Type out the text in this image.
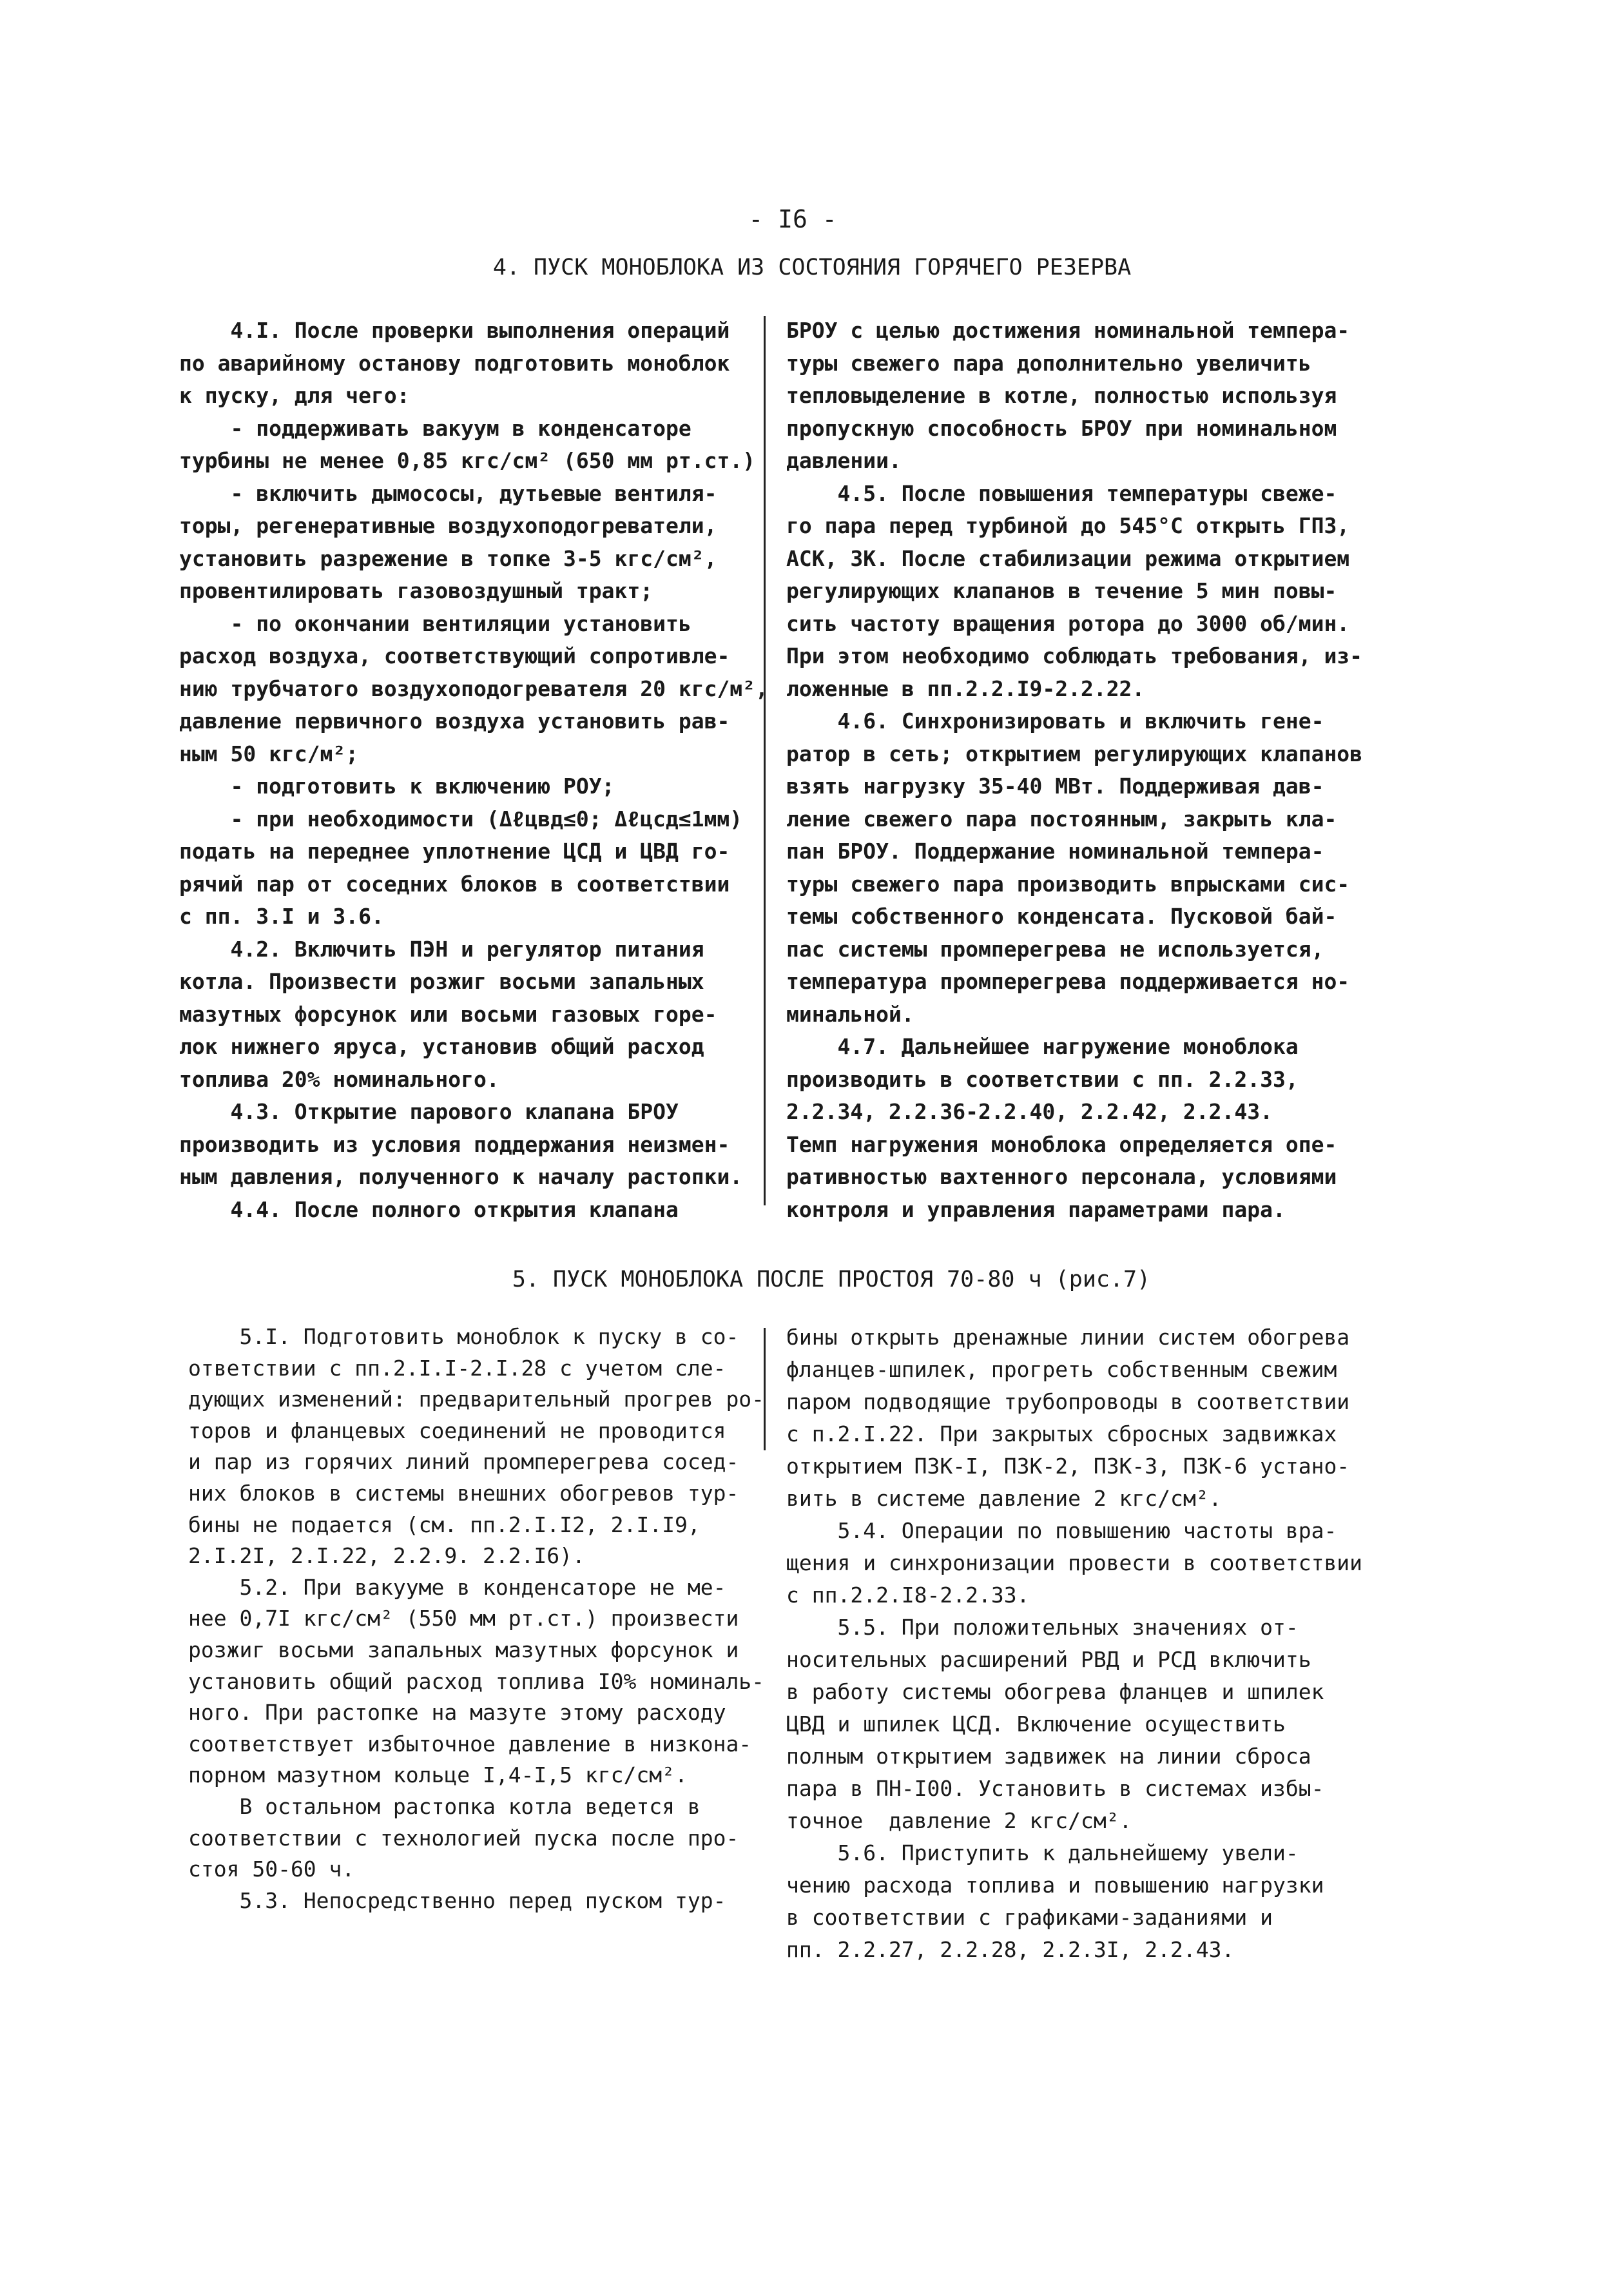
- I6 -
4. ПУСК МОНОБЛОКА ИЗ СОСТОЯНИЯ ГОРЯЧЕГО РЕЗЕРВА
4.I. После проверки выполнения операций
по аварийному останову подготовить моноблок
к пуску, для чего:
- поддерживать вакуум в конденсаторе
турбины не менее 0,85 кгс/см² (650 мм рт.ст.)
- включить дымососы, дутьевые вентиля-
торы, регенеративные воздухоподогреватели,
установить разрежение в топке 3-5 кгс/см²,
провентилировать газовоздушный тракт;
- по окончании вентиляции установить
расход воздуха, соответствующий сопротивле-
нию трубчатого воздухоподогревателя 20 кгс/м²,
давление первичного воздуха установить рав-
ным 50 кгс/м²;
- подготовить к включению РОУ;
- при необходимости (Δℓцвд≤0; Δℓцсд≤1мм)
подать на переднее уплотнение ЦСД и ЦВД го-
рячий пар от соседних блоков в соответствии
с пп. 3.I и 3.6.
4.2. Включить ПЭН и регулятор питания
котла. Произвести розжиг восьми запальных
мазутных форсунок или восьми газовых горе-
лок нижнего яруса, установив общий расход
топлива 20% номинального.
4.3. Открытие парового клапана БРОУ
производить из условия поддержания неизмен-
ным давления, полученного к началу растопки.
4.4. После полного открытия клапана
БРОУ с целью достижения номинальной темпера-
туры свежего пара дополнительно увеличить
тепловыделение в котле, полностью используя
пропускную способность БРОУ при номинальном
давлении.
4.5. После повышения температуры свеже-
го пара перед турбиной до 545°С открыть ГПЗ,
АСК, ЗК. После стабилизации режима открытием
регулирующих клапанов в течение 5 мин повы-
сить частоту вращения ротора до 3000 об/мин.
При этом необходимо соблюдать требования, из-
ложенные в пп.2.2.I9-2.2.22.
4.6. Синхронизировать и включить гене-
ратор в сеть; открытием регулирующих клапанов
взять нагрузку 35-40 МВт. Поддерживая дав-
ление свежего пара постоянным, закрыть кла-
пан БРОУ. Поддержание номинальной темпера-
туры свежего пара производить впрысками сис-
темы собственного конденсата. Пусковой бай-
пас системы промперегрева не используется,
температура промперегрева поддерживается но-
минальной.
4.7. Дальнейшее нагружение моноблока
производить в соответствии с пп. 2.2.33,
2.2.34, 2.2.36-2.2.40, 2.2.42, 2.2.43.
Темп нагружения моноблока определяется опе-
ративностью вахтенного персонала, условиями
контроля и управления параметрами пара.
5. ПУСК МОНОБЛОКА ПОСЛЕ ПРОСТОЯ 70-80 ч (рис.7)
5.I. Подготовить моноблок к пуску в со-
ответствии с пп.2.I.I-2.I.28 с учетом сле-
дующих изменений: предварительный прогрев ро-
торов и фланцевых соединений не проводится
и пар из горячих линий промперегрева сосед-
них блоков в системы внешних обогревов тур-
бины не подается (см. пп.2.I.I2, 2.I.I9,
2.I.2I, 2.I.22, 2.2.9. 2.2.I6).
5.2. При вакууме в конденсаторе не ме-
нее 0,7I кгс/см² (550 мм рт.ст.) произвести
розжиг восьми запальных мазутных форсунок и
установить общий расход топлива I0% номиналь-
ного. При растопке на мазуте этому расходу
соответствует избыточное давление в низкона-
порном мазутном кольце I,4-I,5 кгс/см².
В остальном растопка котла ведется в
соответствии с технологией пуска после про-
стоя 50-60 ч.
5.3. Непосредственно перед пуском тур-
бины открыть дренажные линии систем обогрева
фланцев-шпилек, прогреть собственным свежим
паром подводящие трубопроводы в соответствии
с п.2.I.22. При закрытых сбросных задвижках
открытием ПЗК-I, ПЗК-2, ПЗК-3, ПЗК-6 устано-
вить в системе давление 2 кгс/см².
5.4. Операции по повышению частоты вра-
щения и синхронизации провести в соответствии
с пп.2.2.I8-2.2.33.
5.5. При положительных значениях от-
носительных расширений РВД и РСД включить
в работу системы обогрева фланцев и шпилек
ЦВД и шпилек ЦСД. Включение осуществить
полным открытием задвижек на линии сброса
пара в ПН-I00. Установить в системах избы-
точное  давление 2 кгс/см².
5.6. Приступить к дальнейшему увели-
чению расхода топлива и повышению нагрузки
в соответствии с графиками-заданиями и
пп. 2.2.27, 2.2.28, 2.2.3I, 2.2.43.
